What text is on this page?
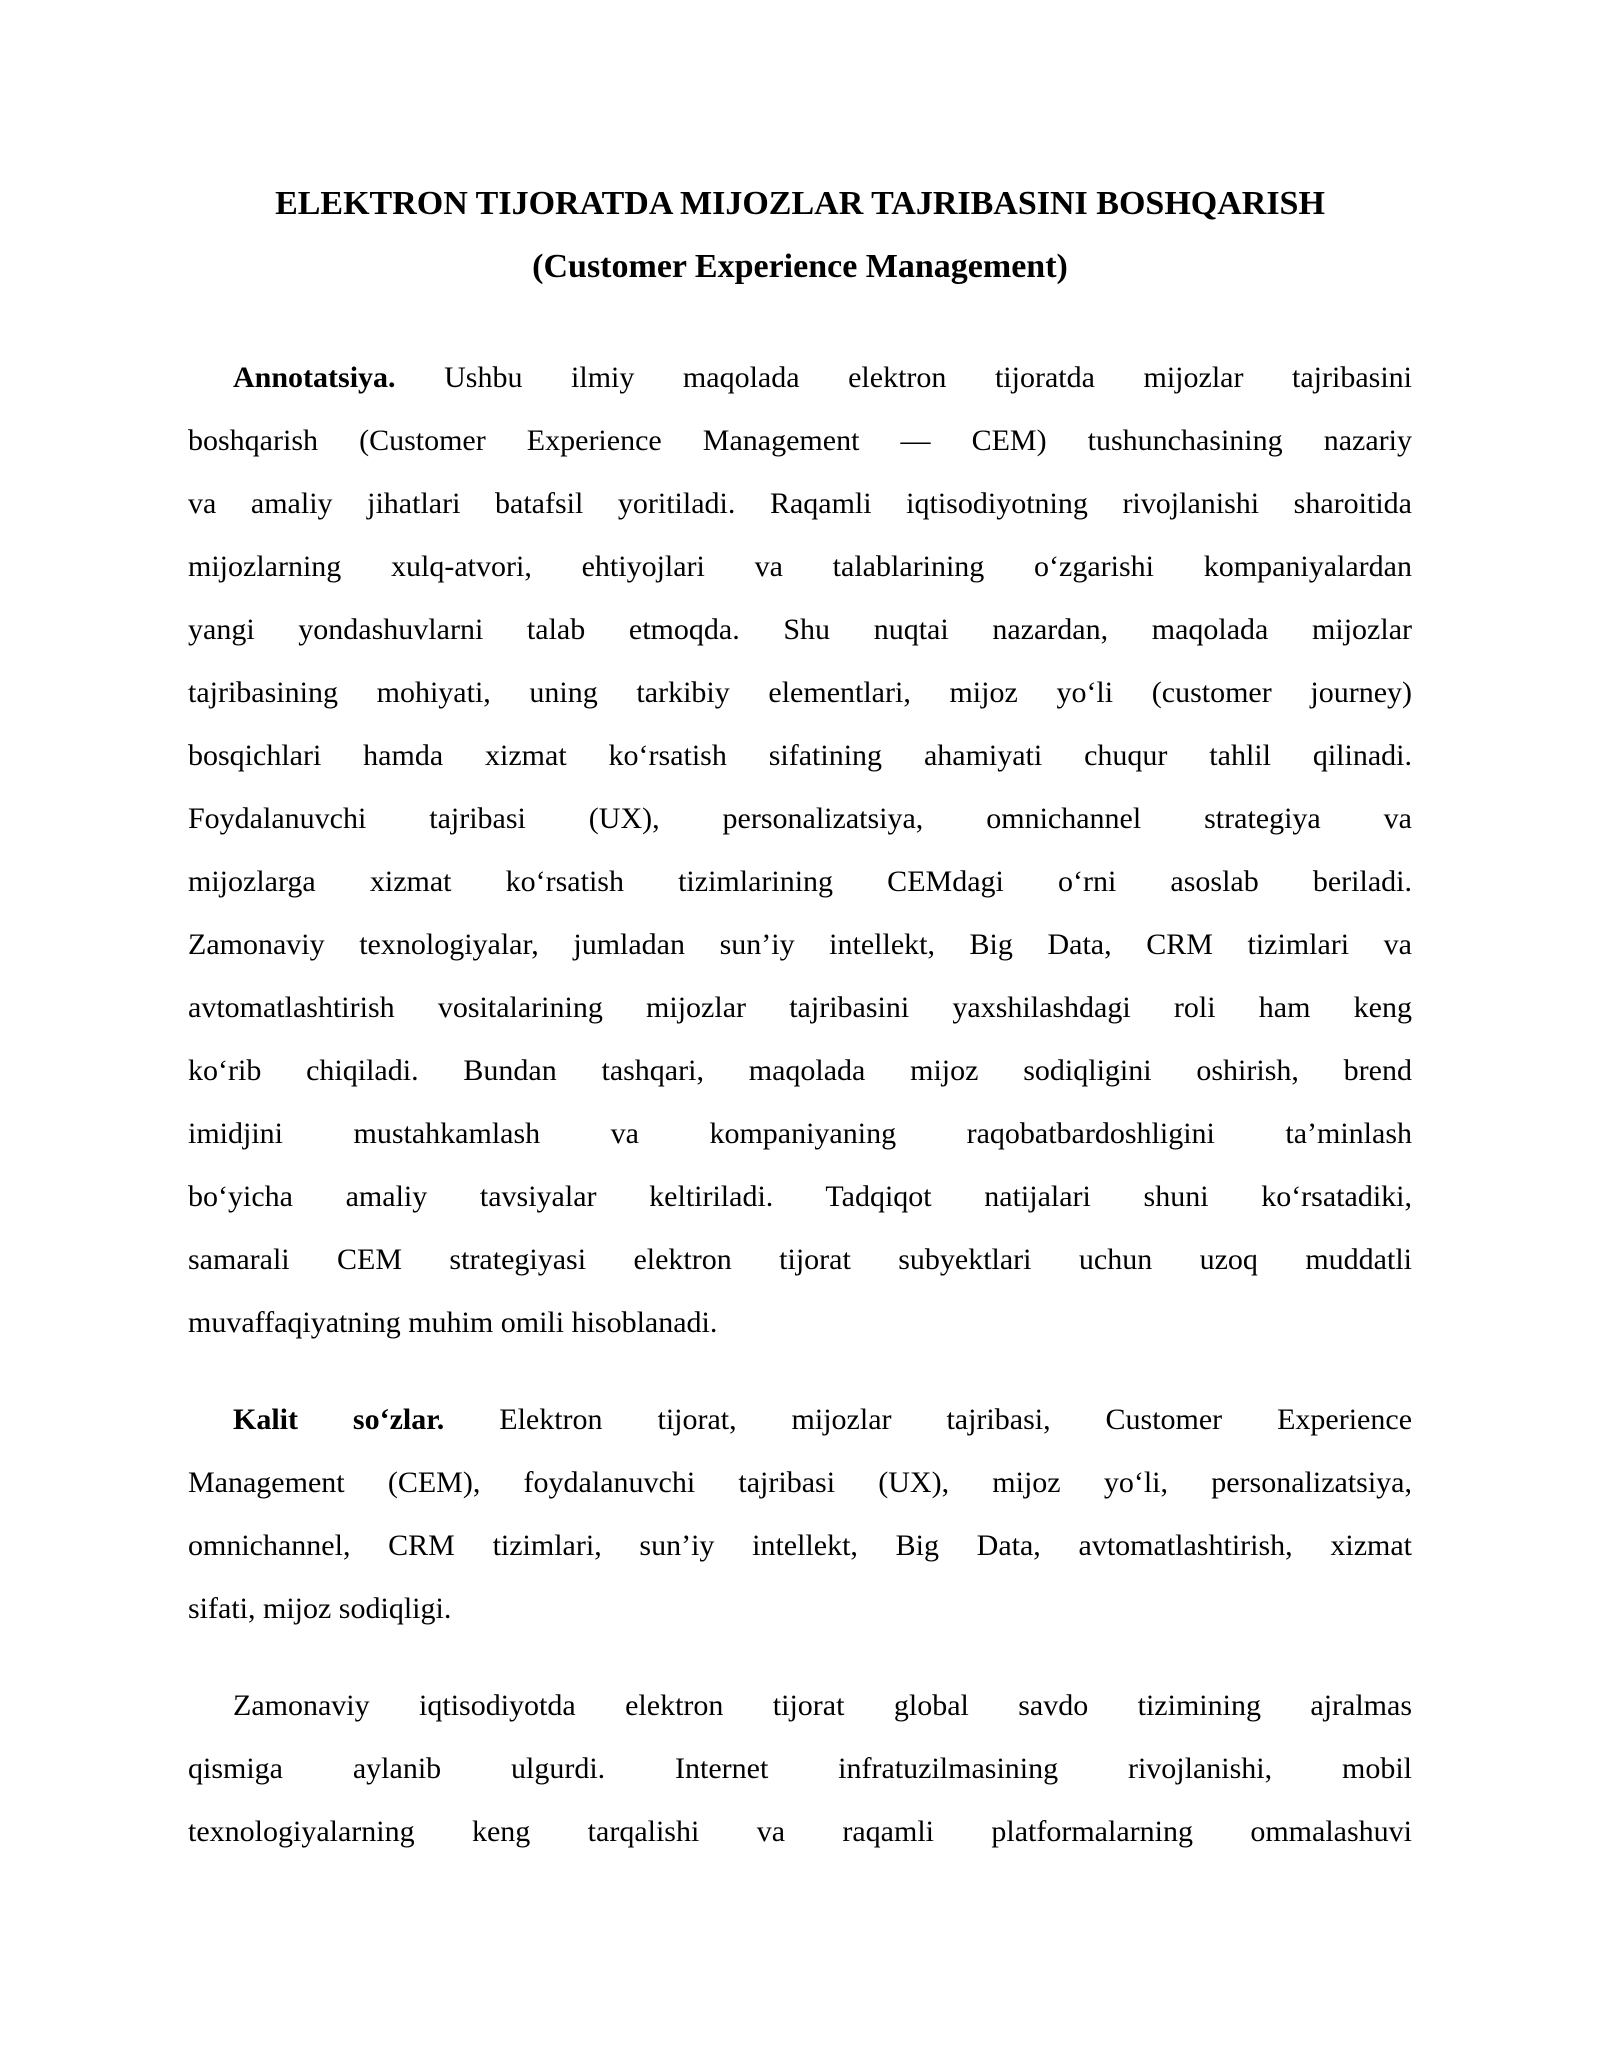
ELEKTRON TIJORATDA MIJOZLAR TAJRIBASINI BOSHQARISH
(Customer Experience Management)
Annotatsiya. Ushbu ilmiy maqolada elektron tijoratda mijozlar tajribasini
boshqarish (Customer Experience Management — CEM) tushunchasining nazariy
va amaliy jihatlari batafsil yoritiladi. Raqamli iqtisodiyotning rivojlanishi sharoitida
mijozlarning xulq-atvori, ehtiyojlari va talablarining o‘zgarishi kompaniyalardan
yangi yondashuvlarni talab etmoqda. Shu nuqtai nazardan, maqolada mijozlar
tajribasining mohiyati, uning tarkibiy elementlari, mijoz yo‘li (customer journey)
bosqichlari hamda xizmat ko‘rsatish sifatining ahamiyati chuqur tahlil qilinadi.
Foydalanuvchi tajribasi (UX), personalizatsiya, omnichannel strategiya va
mijozlarga xizmat ko‘rsatish tizimlarining CEMdagi o‘rni asoslab beriladi.
Zamonaviy texnologiyalar, jumladan sun’iy intellekt, Big Data, CRM tizimlari va
avtomatlashtirish vositalarining mijozlar tajribasini yaxshilashdagi roli ham keng
ko‘rib chiqiladi. Bundan tashqari, maqolada mijoz sodiqligini oshirish, brend
imidjini mustahkamlash va kompaniyaning raqobatbardoshligini ta’minlash
bo‘yicha amaliy tavsiyalar keltiriladi. Tadqiqot natijalari shuni ko‘rsatadiki,
samarali CEM strategiyasi elektron tijorat subyektlari uchun uzoq muddatli
muvaffaqiyatning muhim omili hisoblanadi.
Kalit so‘zlar. Elektron tijorat, mijozlar tajribasi, Customer Experience
Management (CEM), foydalanuvchi tajribasi (UX), mijoz yo‘li, personalizatsiya,
omnichannel, CRM tizimlari, sun’iy intellekt, Big Data, avtomatlashtirish, xizmat
sifati, mijoz sodiqligi.
Zamonaviy iqtisodiyotda elektron tijorat global savdo tizimining ajralmas
qismiga aylanib ulgurdi. Internet infratuzilmasining rivojlanishi, mobil
texnologiyalarning keng tarqalishi va raqamli platformalarning ommalashuvi
